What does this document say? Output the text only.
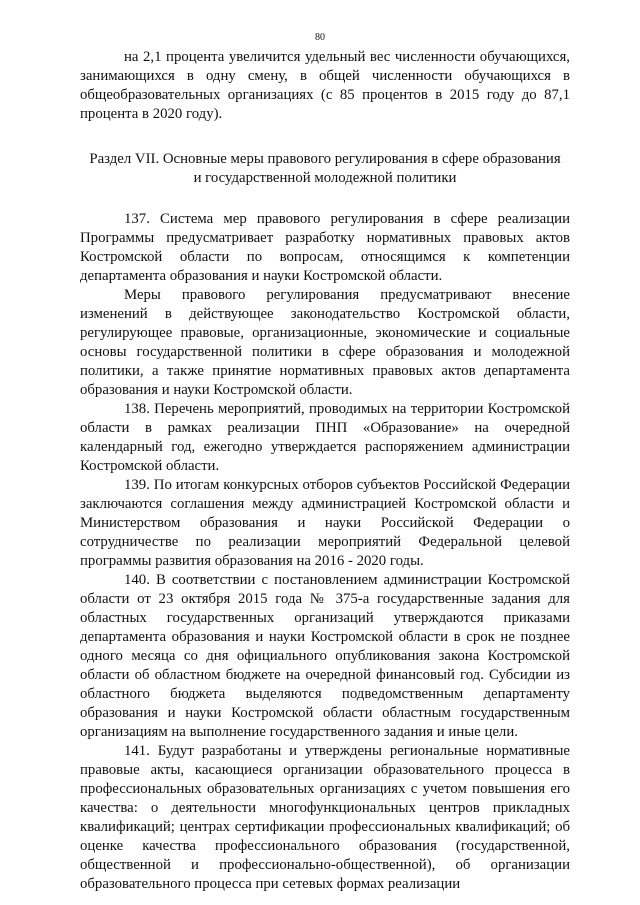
80

на 2,1 процента увеличится удельный вес численности обучающихся, занимающихся в одну смену, в общей численности обучающихся в общеобразовательных организациях (с 85 процентов в 2015 году до 87,1 процента в 2020 году).

Раздел VII. Основные меры правового регулирования в сфере образования
и государственной молодежной политики

137. Система мер правового регулирования в сфере реализации Программы предусматривает разработку нормативных правовых актов Костромской области по вопросам, относящимся к компетенции департамента образования и науки Костромской области.

Меры правового регулирования предусматривают внесение изменений в действующее законодательство Костромской области, регулирующее правовые, организационные, экономические и социальные основы государственной политики в сфере образования и молодежной политики, а также принятие нормативных правовых актов департамента образования и науки Костромской области.

138. Перечень мероприятий, проводимых на территории Костромской области в рамках реализации ПНП «Образование» на очередной календарный год, ежегодно утверждается распоряжением администрации Костромской области.

139. По итогам конкурсных отборов субъектов Российской Федерации заключаются соглашения между администрацией Костромской области и Министерством образования и науки Российской Федерации о сотрудничестве по реализации мероприятий Федеральной целевой программы развития образования на 2016 - 2020 годы.

140. В соответствии с постановлением администрации Костромской области от 23 октября 2015 года № 375-а государственные задания для областных государственных организаций утверждаются приказами департамента образования и науки Костромской области в срок не позднее одного месяца со дня официального опубликования закона Костромской области об областном бюджете на очередной финансовый год. Субсидии из областного бюджета выделяются подведомственным департаменту образования и науки Костромской области областным государственным организациям на выполнение государственного задания и иные цели.

141. Будут разработаны и утверждены региональные нормативные правовые акты, касающиеся организации образовательного процесса в профессиональных образовательных организациях с учетом повышения его качества: о деятельности многофункциональных центров прикладных квалификаций; центрах сертификации профессиональных квалификаций; об оценке качества профессионального образования (государственной, общественной и профессионально-общественной), об организации образовательного процесса при сетевых формах реализации
